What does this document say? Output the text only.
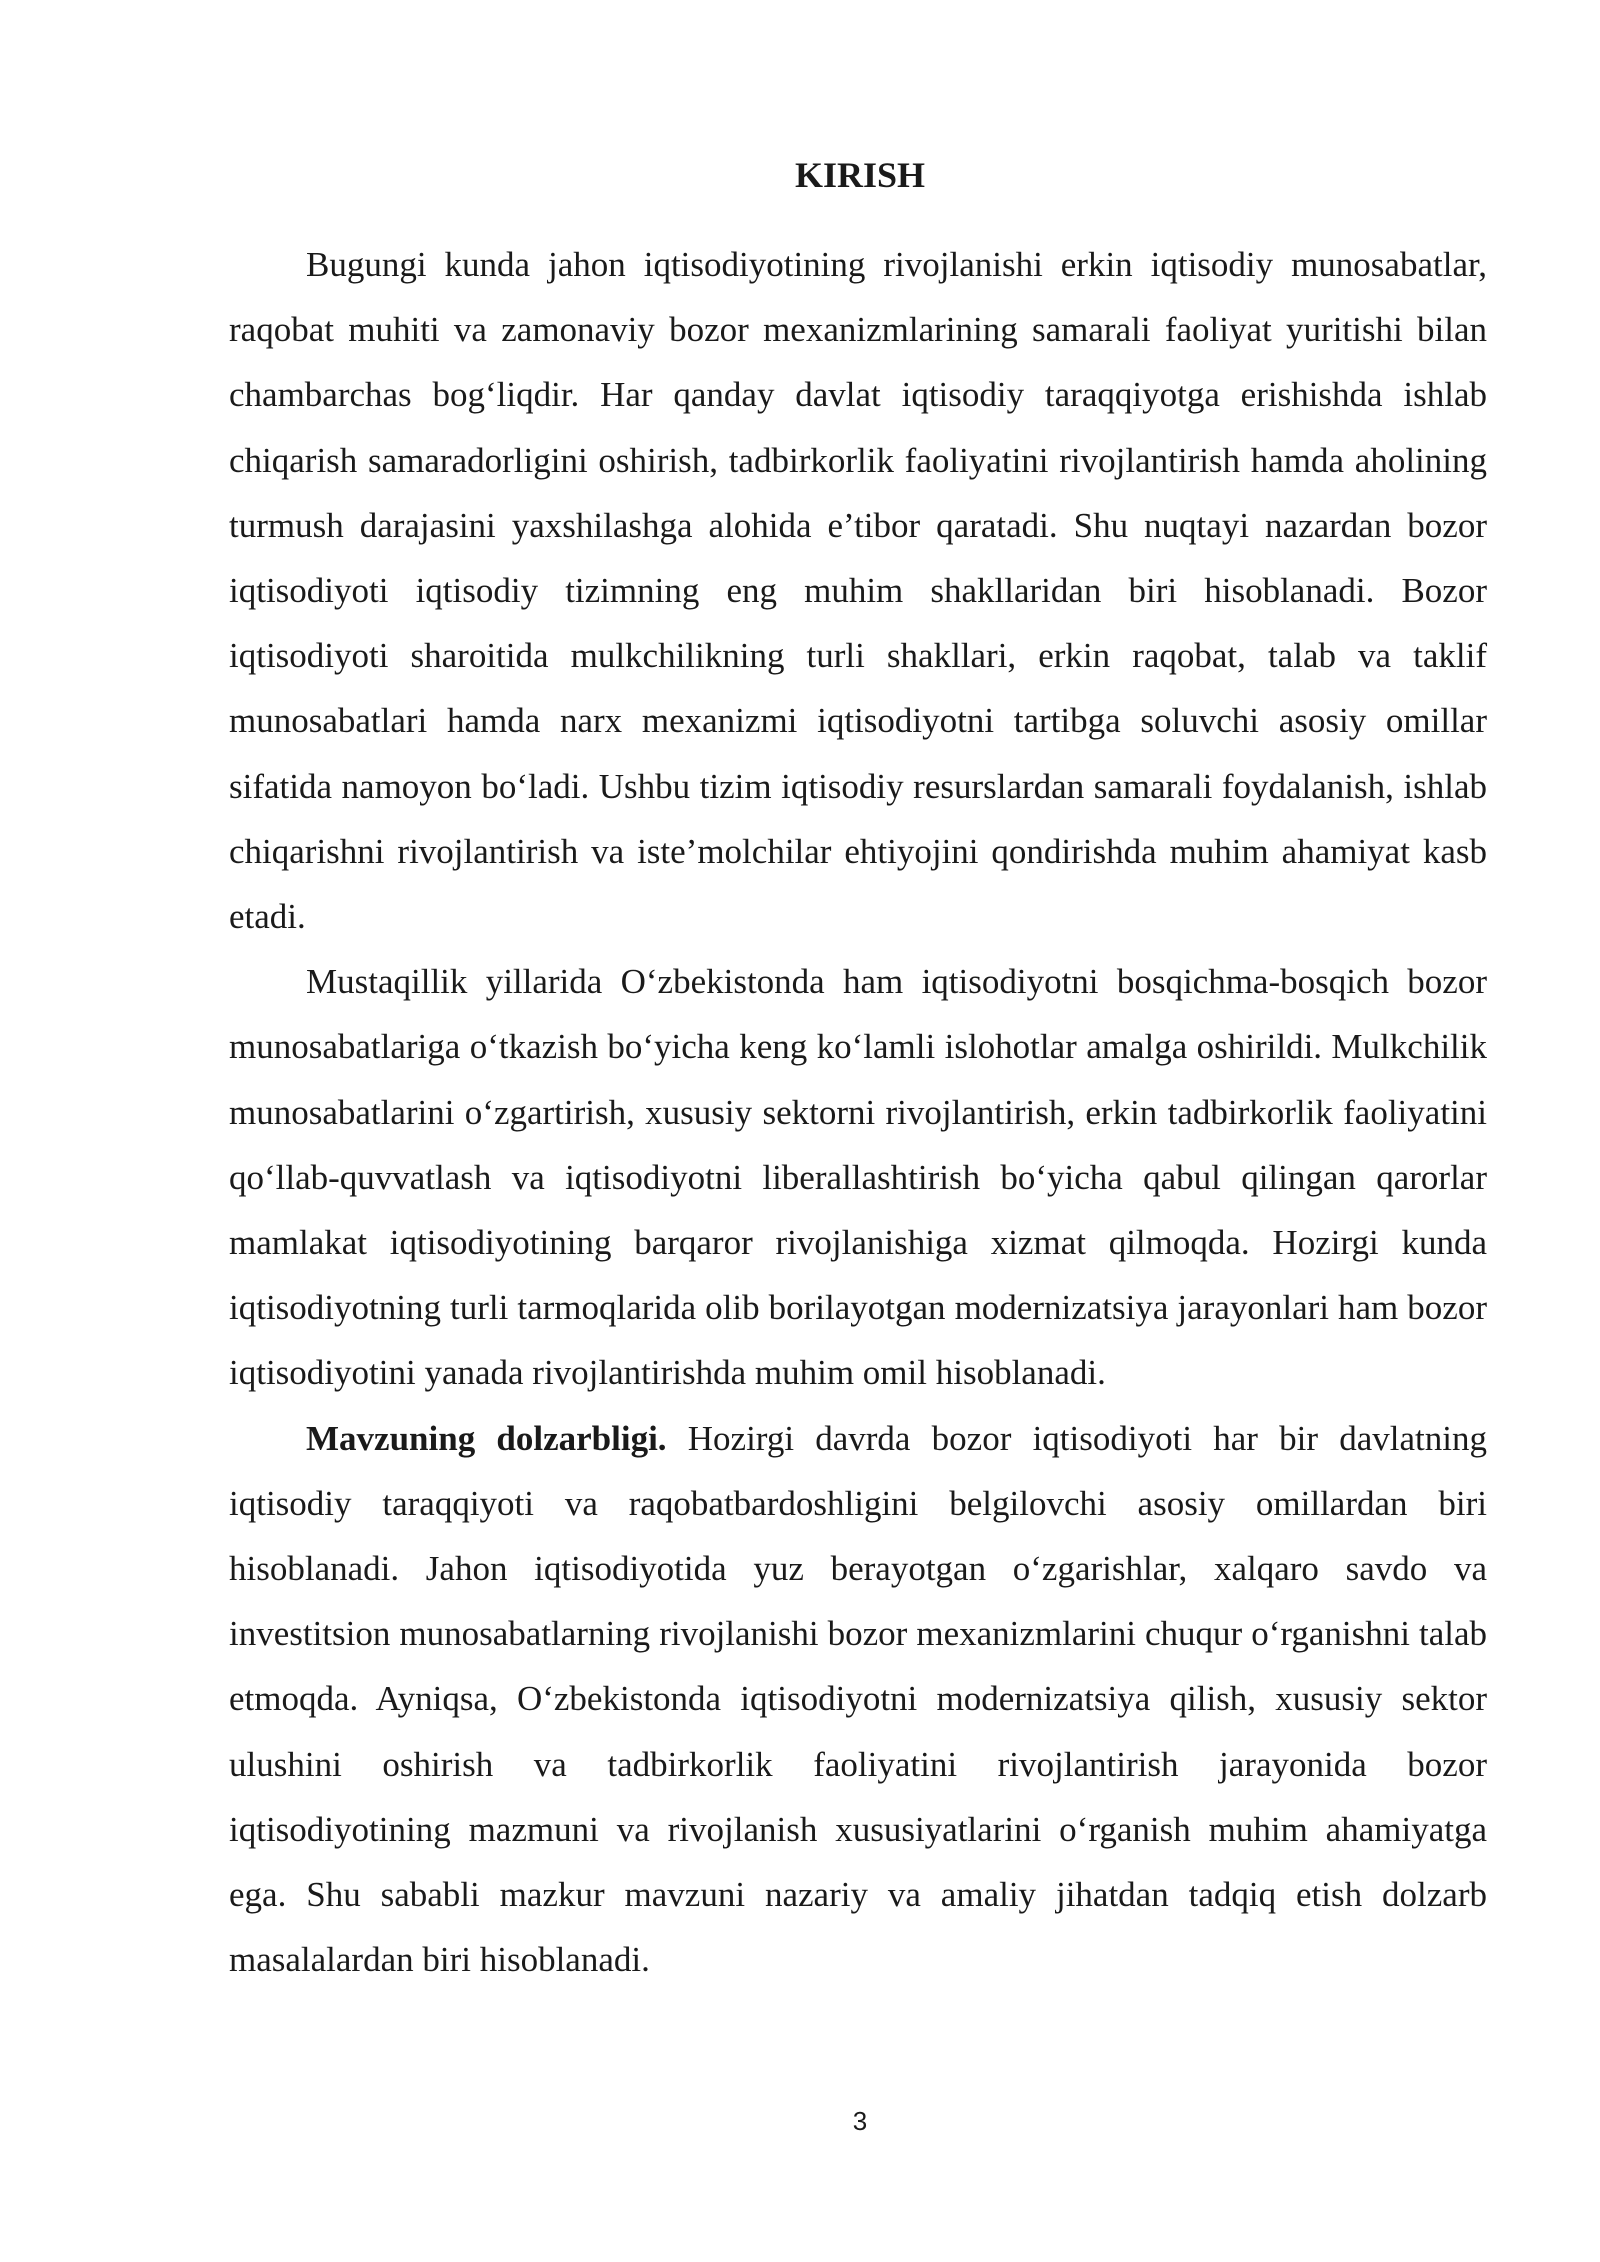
KIRISH

Bugungi kunda jahon iqtisodiyotining rivojlanishi erkin iqtisodiy munosabatlar, raqobat muhiti va zamonaviy bozor mexanizmlarining samarali faoliyat yuritishi bilan chambarchas bog‘liqdir. Har qanday davlat iqtisodiy taraqqiyotga erishishda ishlab chiqarish samaradorligini oshirish, tadbirkorlik faoliyatini rivojlantirish hamda aholining turmush darajasini yaxshilashga alohida e’tibor qaratadi. Shu nuqtayi nazardan bozor iqtisodiyoti iqtisodiy tizimning eng muhim shakllaridan biri hisoblanadi. Bozor iqtisodiyoti sharoitida mulkchilikning turli shakllari, erkin raqobat, talab va taklif munosabatlari hamda narx mexanizmi iqtisodiyotni tartibga soluvchi asosiy omillar sifatida namoyon bo‘ladi. Ushbu tizim iqtisodiy resurslardan samarali foydalanish, ishlab chiqarishni rivojlantirish va iste’molchilar ehtiyojini qondirishda muhim ahamiyat kasb etadi.

Mustaqillik yillarida O‘zbekistonda ham iqtisodiyotni bosqichma-bosqich bozor munosabatlariga o‘tkazish bo‘yicha keng ko‘lamli islohotlar amalga oshirildi. Mulkchilik munosabatlarini o‘zgartirish, xususiy sektorni rivojlantirish, erkin tadbirkorlik faoliyatini qo‘llab-quvvatlash va iqtisodiyotni liberallashtirish bo‘yicha qabul qilingan qarorlar mamlakat iqtisodiyotining barqaror rivojlanishiga xizmat qilmoqda. Hozirgi kunda iqtisodiyotning turli tarmoqlarida olib borilayotgan modernizatsiya jarayonlari ham bozor iqtisodiyotini yanada rivojlantirishda muhim omil hisoblanadi.

Mavzuning dolzarbligi. Hozirgi davrda bozor iqtisodiyoti har bir davlatning iqtisodiy taraqqiyoti va raqobatbardoshligini belgilovchi asosiy omillardan biri hisoblanadi. Jahon iqtisodiyotida yuz berayotgan o‘zgarishlar, xalqaro savdo va investitsion munosabatlarning rivojlanishi bozor mexanizmlarini chuqur o‘rganishni talab etmoqda. Ayniqsa, O‘zbekistonda iqtisodiyotni modernizatsiya qilish, xususiy sektor ulushini oshirish va tadbirkorlik faoliyatini rivojlantirish jarayonida bozor iqtisodiyotining mazmuni va rivojlanish xususiyatlarini o‘rganish muhim ahamiyatga ega. Shu sababli mazkur mavzuni nazariy va amaliy jihatdan tadqiq etish dolzarb masalalardan biri hisoblanadi.

3
